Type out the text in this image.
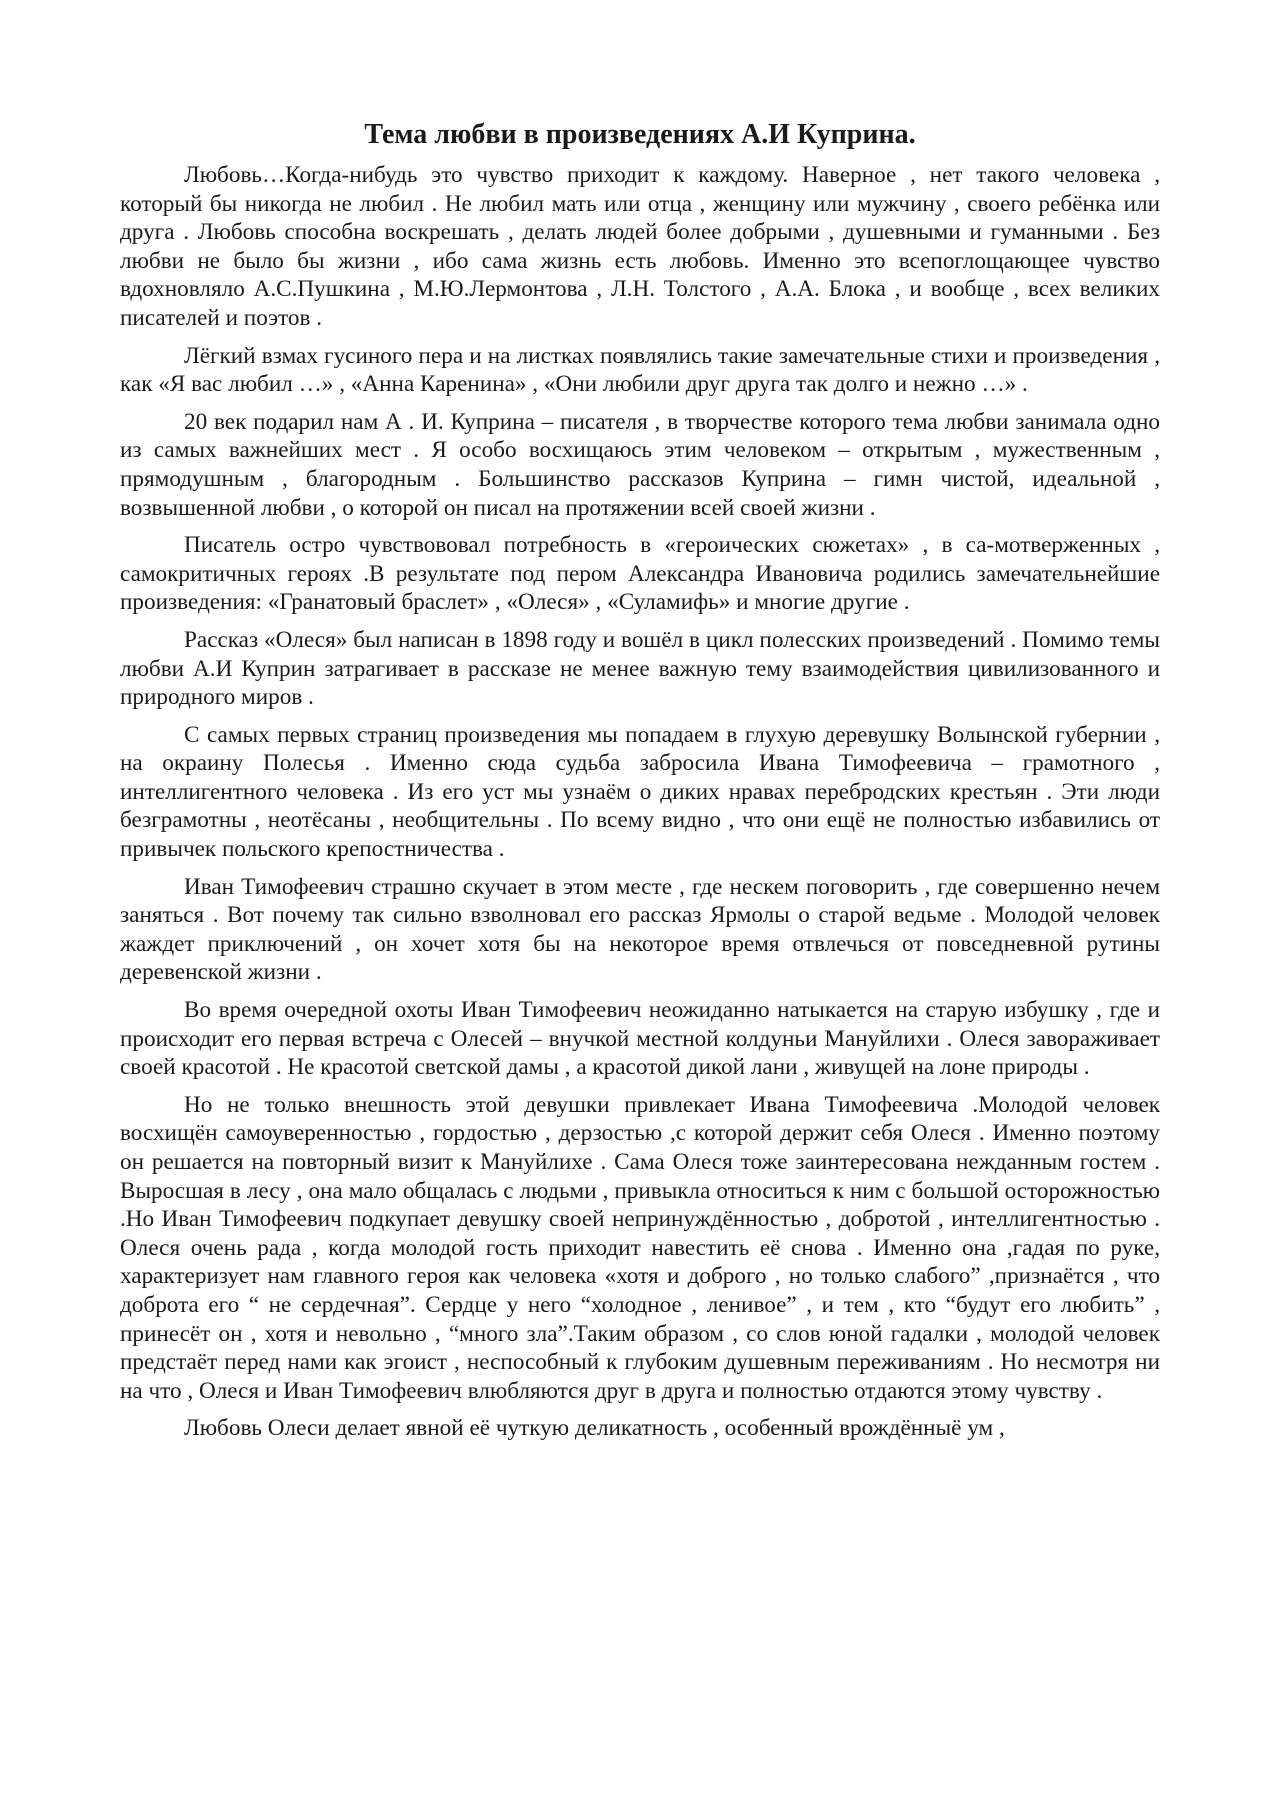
Тема любви в произведениях А.И Куприна.

Любовь…Когда-нибудь это чувство приходит к каждому. Наверное , нет такого человека , который бы никогда не любил . Не любил мать или отца , женщину или мужчину , своего ребёнка или друга . Любовь способна воскрешать , делать людей более добрыми , душевными и гуманными . Без любви не было бы жизни , ибо сама жизнь есть любовь. Именно это всепоглощающее чувство вдохновляло А.С.Пушкина , М.Ю.Лермонтова , Л.Н. Толстого , А.А. Блока , и вообще , всех великих писателей и поэтов .

Лёгкий взмах гусиного пера и на листках появлялись такие замечательные стихи и произведения , как «Я вас любил …» , «Анна Каренина» , «Они любили друг друга так долго и нежно …» .

20 век подарил нам А . И. Куприна – писателя , в творчестве которого тема любви занимала одно из самых важнейших мест . Я особо восхищаюсь этим человеком – открытым , мужественным , прямодушным , благородным . Большинство рассказов Куприна – гимн чистой, идеальной , возвышенной любви , о которой он писал на протяжении всей своей жизни .

Писатель остро чувствововал потребность в «героических сюжетах» , в са-мотверженных , самокритичных героях .В результате под пером Александра Ивановича родились замечательнейшие произведения: «Гранатовый браслет» , «Олеся» , «Суламифь» и многие другие .

Рассказ «Олеся» был написан в 1898 году и вошёл в цикл полесских произведений . Помимо темы любви А.И Куприн затрагивает в рассказе не менее важную тему взаимодействия цивилизованного и природного миров .

С самых первых страниц произведения мы попадаем в глухую деревушку Волынской губернии , на окраину Полесья . Именно сюда судьба забросила Ивана Тимофеевича – грамотного , интеллигентного человека . Из его уст мы узнаём о диких нравах перебродских крестьян . Эти люди безграмотны , неотёсаны , необщительны . По всему видно , что они ещё не полностью избавились от привычек польского крепостничества .

Иван Тимофеевич страшно скучает в этом месте , где нескем поговорить , где совершенно нечем заняться . Вот почему так сильно взволновал его рассказ Ярмолы о старой ведьме . Молодой человек жаждет приключений , он хочет хотя бы на некоторое время отвлечься от повседневной рутины деревенской жизни .

Во время очередной охоты Иван Тимофеевич неожиданно натыкается на старую избушку , где и происходит его первая встреча с Олесей – внучкой местной колдуньи Мануйлихи . Олеся завораживает своей красотой . Не красотой светской дамы , а красотой дикой лани , живущей на лоне природы .

Но не только внешность этой девушки привлекает Ивана Тимофеевича .Молодой человек восхищён самоуверенностью , гордостью , дерзостью ,с которой держит себя Олеся . Именно поэтому он решается на повторный визит к Мануйлихе . Сама Олеся тоже заинтересована нежданным гостем . Выросшая в лесу , она мало общалась с людьми , привыкла относиться к ним с большой осторожностью .Но Иван Тимофеевич подкупает девушку своей непринуждённостью , добротой , интеллигентностью . Олеся очень рада , когда молодой гость приходит навестить её снова . Именно она ,гадая по руке, характеризует нам главного героя как человека «хотя и доброго , но только слабого” ,признаётся , что доброта его “ не сердечная”. Сердце у него “холодное , ленивое” , и тем , кто “будут его любить” , принесёт он , хотя и невольно , “много зла”.Таким образом , со слов юной гадалки , молодой человек предстаёт перед нами как эгоист , неспособный к глубоким душевным переживаниям . Но несмотря ни на что , Олеся и Иван Тимофеевич влюбляются друг в друга и полностью отдаются этому чувству .

Любовь Олеси делает явной её чуткую деликатность , особенный врождённыё ум ,
